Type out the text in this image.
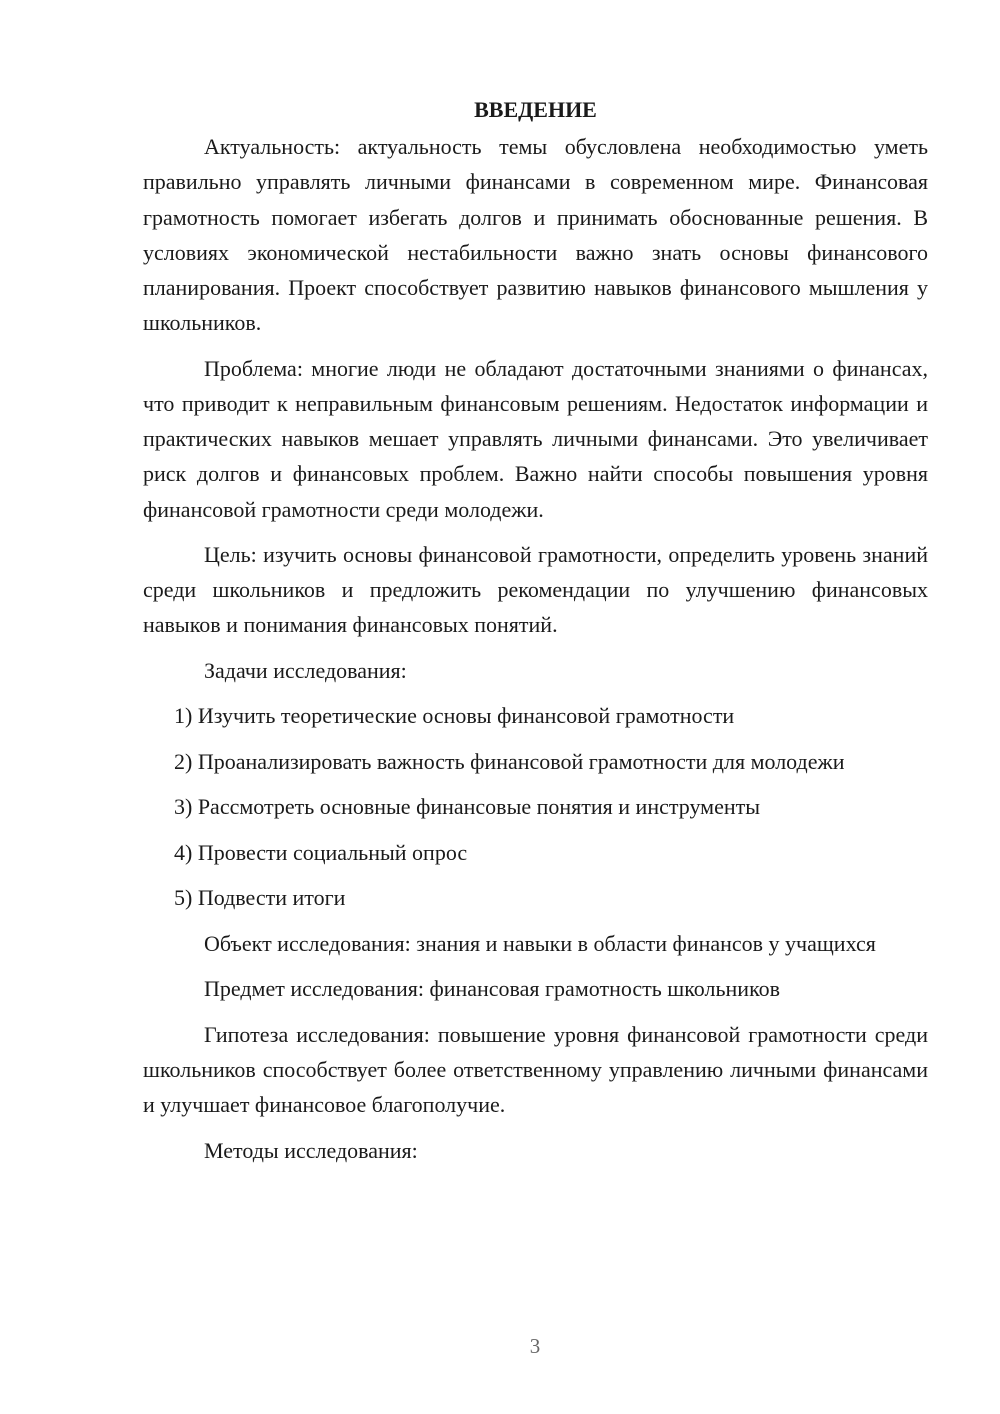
ВВЕДЕНИЕ

Актуальность: актуальность темы обусловлена необходимостью уметь правильно управлять личными финансами в современном мире. Финансовая грамотность помогает избегать долгов и принимать обоснованные решения. В условиях экономической нестабильности важно знать основы финансового планирования. Проект способствует развитию навыков финансового мышления у школьников.

Проблема: многие люди не обладают достаточными знаниями о финансах, что приводит к неправильным финансовым решениям. Недостаток информации и практических навыков мешает управлять личными финансами. Это увеличивает риск долгов и финансовых проблем. Важно найти способы повышения уровня финансовой грамотности среди молодежи.

Цель: изучить основы финансовой грамотности, определить уровень знаний среди школьников и предложить рекомендации по улучшению финансовых навыков и понимания финансовых понятий.

Задачи исследования:

1) Изучить теоретические основы финансовой грамотности

2) Проанализировать важность финансовой грамотности для молодежи

3) Рассмотреть основные финансовые понятия и инструменты

4) Провести социальный опрос

5) Подвести итоги

Объект исследования: знания и навыки в области финансов у учащихся

Предмет исследования: финансовая грамотность школьников

Гипотеза исследования: повышение уровня финансовой грамотности среди школьников способствует более ответственному управлению личными финансами и улучшает финансовое благополучие.

Методы исследования:

3
